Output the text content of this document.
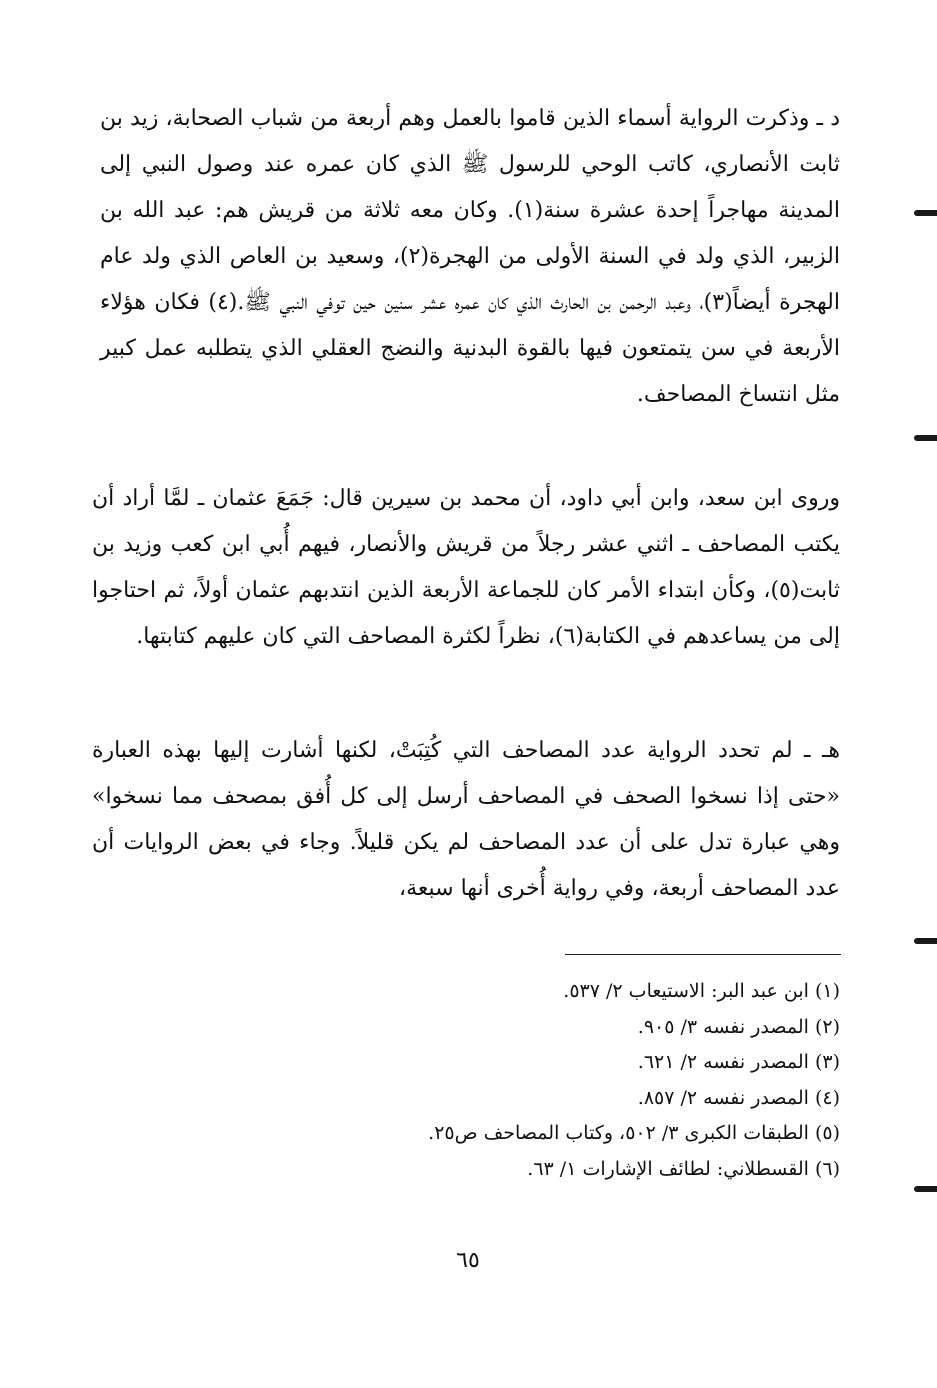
د ـ وذكرت الرواية أسماء الذين قاموا بالعمل وهم أربعة من شباب الصحابة، زيد بن ثابت الأنصاري، كاتب الوحي للرسول ﷺ الذي كان عمره عند وصول النبي إلى المدينة مهاجراً إحدة عشرة سنة(١). وكان معه ثلاثة من قريش هم: عبد الله بن الزبير، الذي ولد في السنة الأولى من الهجرة(٢)، وسعيد بن العاص الذي ولد عام الهجرة أيضاً(٣)، وعبد الرحمن بن الحارث الذي كان عمره عشر سنين حين توفي النبي ﷺ.(٤) فكان هؤلاء الأربعة في سن يتمتعون فيها بالقوة البدنية والنضج العقلي الذي يتطلبه عمل كبير مثل انتساخ المصاحف.

وروى ابن سعد، وابن أبي داود، أن محمد بن سيرين قال: جَمَعَ عثمان ـ لمَّا أراد أن يكتب المصاحف ـ اثني عشر رجلاً من قريش والأنصار، فيهم أُبي ابن كعب وزيد بن ثابت(٥)، وكأن ابتداء الأمر كان للجماعة الأربعة الذين انتدبهم عثمان أولاً، ثم احتاجوا إلى من يساعدهم في الكتابة(٦)، نظراً لكثرة المصاحف التي كان عليهم كتابتها.

هـ ـ لم تحدد الرواية عدد المصاحف التي كُتِبَتْ، لكنها أشارت إليها بهذه العبارة «حتى إذا نسخوا الصحف في المصاحف أرسل إلى كل أُفق بمصحف مما نسخوا» وهي عبارة تدل على أن عدد المصاحف لم يكن قليلاً. وجاء في بعض الروايات أن عدد المصاحف أربعة، وفي رواية أُخرى أنها سبعة،

(١) ابن عبد البر: الاستيعاب ٢/ ٥٣٧.
(٢) المصدر نفسه ٣/ ٩٠٥.
(٣) المصدر نفسه ٢/ ٦٢١.
(٤) المصدر نفسه ٢/ ٨٥٧.
(٥) الطبقات الكبرى ٣/ ٥٠٢، وكتاب المصاحف ص٢٥.
(٦) القسطلاني: لطائف الإشارات ١/ ٦٣.
٦٥
